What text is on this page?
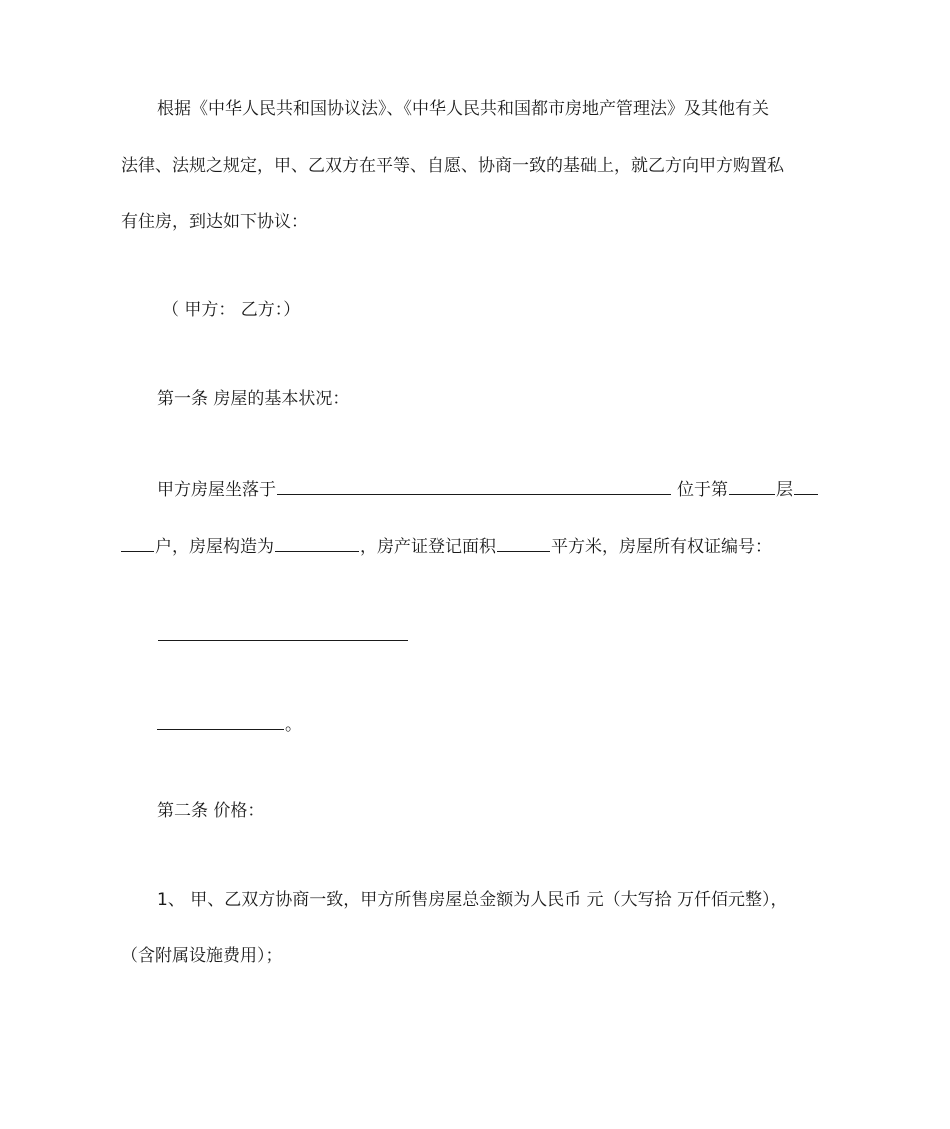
根据《中华人民共和国协议法》、《中华人民共和国都市房地产管理法》及其他有关
法律、法规之规定，甲、乙双方在平等、自愿、协商一致的基础上，就乙方向甲方购置私
有住房，到达如下协议：
（ 甲方： 乙方：）
第一条 房屋的基本状况：
甲方房屋坐落于	位于第	层
户，房屋构造为	，房产证登记面积	平方米，房屋所有权证编号：
。
第二条 价格：
1、 甲、乙双方协商一致，甲方所售房屋总金额为人民币 元（大写拾 万仟佰元整），
（含附属设施费用）；
